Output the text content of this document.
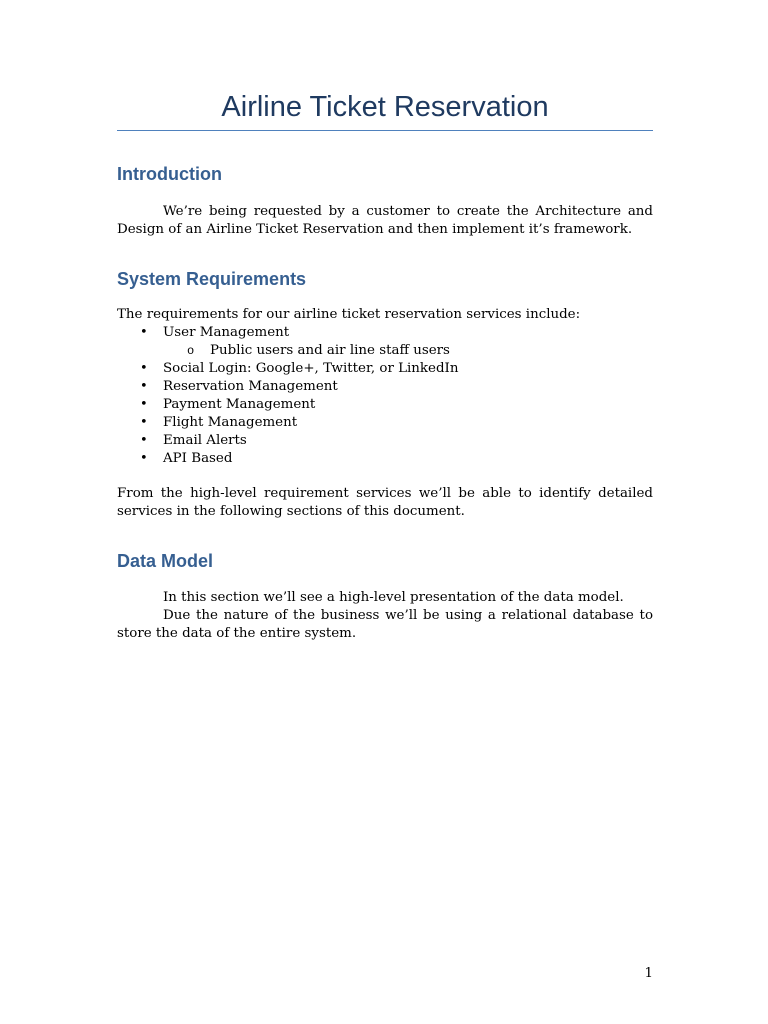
Airline Ticket Reservation
Introduction

We’re being requested by a customer to create the Architecture and Design of an Airline Ticket Reservation and then implement it’s framework.

System Requirements

The requirements for our airline ticket reservation services include:

• User Management
o Public users and air line staff users
• Social Login: Google+, Twitter, or LinkedIn
• Reservation Management
• Payment Management
• Flight Management
• Email Alerts
• API Based

From the high-level requirement services we’ll be able to identify detailed services in the following sections of this document.

Data Model

In this section we’ll see a high-level presentation of the data model.

Due the nature of the business we’ll be using a relational database to store the data of the entire system.

1
